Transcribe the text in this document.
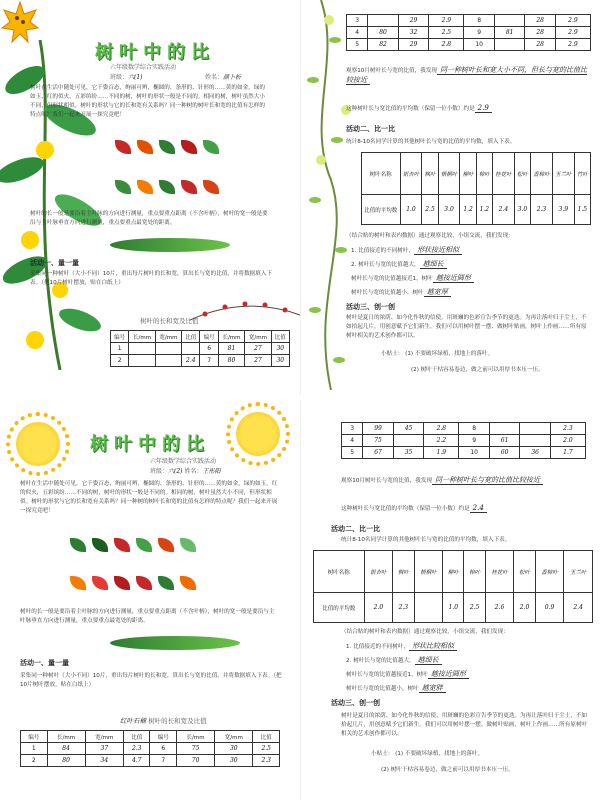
树叶中的比
六年级数学综合实践活动
班级：六(1)	姓名：颜卜析
树叶在生活中随处可见，它千姿百态，绚丽可辨，椭圆的、条形的、针形的……黄的如金，绿的如玉，红的似火，五彩缤纷……不同的树，树叶的形状一般是不同的。相同的树，树叶虽然大小不同，但形状相似。树叶的形状与它的长和宽有关系吗？同一种树的树叶长和宽的比值有怎样的特点呢？我们一起来开展一探究竟吧！
树叶的长一般是要沿着主叶脉的方向进行测量，重点要重点距离（不含叶柄），树叶的宽一般是要沿与主叶脉垂直方向进行测量，重点要重点最宽处的距离。
活动一、量一量
采集同一种树叶（大小不同）10片，重出每片树叶的长和宽，算出长与宽的比值，并将数据填入下表。（把10片树叶摆放，贴在白纸上）
树叶的长和宽及比值
编号	长/mm	宽/mm	比值	编号	长/mm	宽/mm	比值
1				6	81	27	30
2			2.4	7	80	27	30
3		29	2.9	8		28	2.9
4	80	32	2.5	9	81	28	2.9
5	82	29	2.8	10		28	2.9
观察10月树叶长与宽的比值，我发现 同一种树叶长和宽大小不同，但长与宽的比值比较接近
这种树叶长与宽比值的平均数（保留一位小数）约是 2.9
活动二、比一比
统计8-10名同学计算的其他树叶长与宽的比值的平均数，填入下表。
树叶名称	银杏叶	枫叶	梧桐叶	柳叶	樟叶	桂花叶	松叶	香樟叶	玉兰叶	竹叶
比值的平均数	1.0	2.5	3.0	1.2	1.2	2.4	3.0	2.3	3.9	1.5
（结合贴的树叶和表内数据）通过观察比较，小组交流，我们发现：
1. 比值接近的不同树叶， 形状接近相似
2. 树叶长与宽的比值越大， 越细长
树叶长与宽的比值越接近1，树叶 越接近圆形
树叶长与宽的比值越小，树叶 越宽厚
活动三、创一创
树叶是夏日的浓荫、如今化作秋的信使，用斑斓的色彩宣告季节的更迭。为再让落叶归于尘土，不如拾起几片，用创意赋予它们新生。我们可以用树叶摆一摆、做树叶贴画，树叶上作画……所有原树叶相关的艺术创作都可以。
小贴士： (1) 不要破坏绿植，找地上的落叶。
(2) 树叶干枯容易卷边，做之前可以用厚书本压一压。
树叶中的比
六年级数学综合实践活动
班级：六(2) 姓名：王彤阳
树叶在生活中随处可见，它千姿百态，绚丽可辨，椭圆的、条形的、针形的……黄的如金，绿的如玉，红的似火，五彩缤纷……不同的树，树叶的形状一般是不同的。相同的树，树叶虽然大小不同，但形状相似。树叶的形状与它的长和宽有关系吗？同一种树的树叶长和宽的比值有怎样的特点呢？我们一起来开展一探究竟吧！
树叶的长一般是要沿着主叶脉的方向进行测量，重点要重点距离（不含叶柄），树叶的宽一般是要沿与主叶脉垂直方向进行测量，重点要重点最宽处的距离。
活动一、量一量
采集同一种树叶（大小不同）10片，重出每片树叶的长和宽，算出长与宽的比值，并将数据填入下表。（把10片树叶摆放，贴在白纸上）
红叶石楠 树叶的长和宽及比值
编号	长/mm	宽/mm	比值	编号	长/mm	宽/mm	比值
1	84	37	2.3	6	75	30	2.5
2	80	34	4.7	7	70	30	2.3
3	99	45	2.8	8			2.3
4	75		2.2	9	61		2.0
5	67	35	1.9	10	60	36	1.7
观察10月树叶长与宽的比值，我发现 同一种树叶长与宽的比值比较接近
这种树叶长与宽比值的平均数（保留一位小数）约是 2.4
活动二、比一比
统计8-10名同学计算的其他树叶长与宽的比值的平均数，填入下表。
树叶名称	银杏叶	枫叶	梧桐叶	柳叶	樟叶	桂花叶	松叶	香樟叶	玉兰叶
比值的平均数	2.0	2.3		1.0	2.5	2.6	2.0	0.9	2.4
（结合贴的树叶和表内数据）通过观察比较，小组交流，我们发现：
1. 比值接近的不同树叶， 形状比较相似
2. 树叶长与宽的比值越大， 越细长
树叶长与宽的比值越接近1，树叶 越接近圆形
树叶长与宽的比值越小，树叶 越宽胖
活动三、创一创
树叶是夏日的浓荫、如今化作秋的信使，用斑斓的色彩宣告季节的更迭。为再让落叶归于尘土，不如拾起几片，用创意赋予它们新生。我们可以用树叶摆一摆、做树叶贴画，树叶上作画……所有原树叶相关的艺术创作都可以。
小贴士： (1) 不要破坏绿植，找地上的落叶。
(2) 树叶干枯容易卷边，做之前可以用厚书本压一压。
